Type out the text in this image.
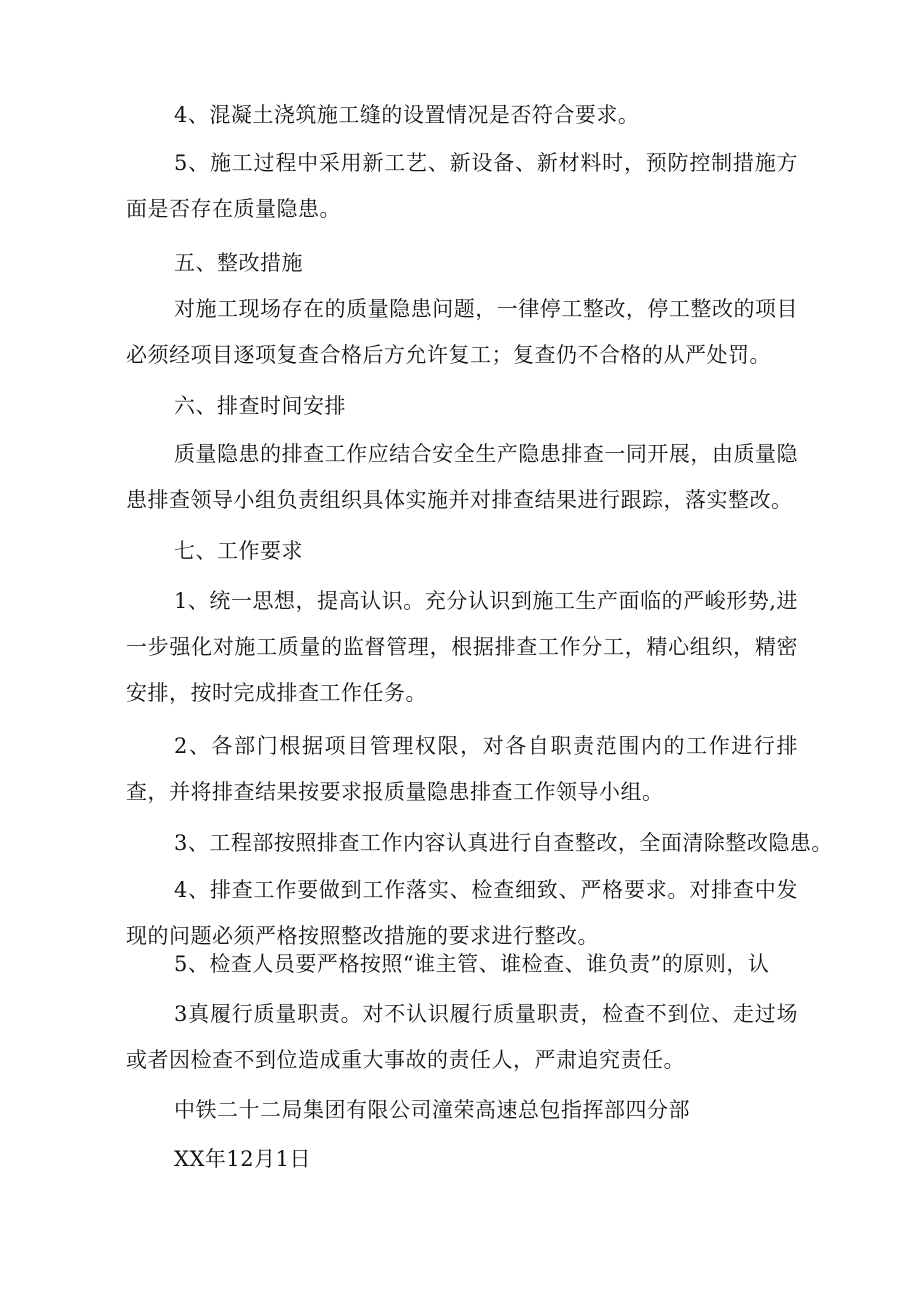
4、混凝土浇筑施工缝的设置情况是否符合要求。
5、施工过程中采用新工艺、新设备、新材料时，预防控制措施方面是否存在质量隐患。
五、整改措施
对施工现场存在的质量隐患问题，一律停工整改，停工整改的项目必须经项目逐项复查合格后方允许复工；复查仍不合格的从严处罚。
六、排查时间安排
质量隐患的排查工作应结合安全生产隐患排查一同开展，由质量隐患排查领导小组负责组织具体实施并对排查结果进行跟踪，落实整改。
七、工作要求
1、统一思想，提高认识。充分认识到施工生产面临的严峻形势,进一步强化对施工质量的监督管理，根据排查工作分工，精心组织，精密安排，按时完成排查工作任务。
2、各部门根据项目管理权限，对各自职责范围内的工作进行排查，并将排查结果按要求报质量隐患排查工作领导小组。
3、工程部按照排查工作内容认真进行自查整改，全面清除整改隐患。
4、排查工作要做到工作落实、检查细致、严格要求。对排查中发现的问题必须严格按照整改措施的要求进行整改。
5、检查人员要严格按照“谁主管、谁检查、谁负责”的原则，认
3真履行质量职责。对不认识履行质量职责，检查不到位、走过场或者因检查不到位造成重大事故的责任人，严肃追究责任。
中铁二十二局集团有限公司潼荣高速总包指挥部四分部
XX年12月1日
